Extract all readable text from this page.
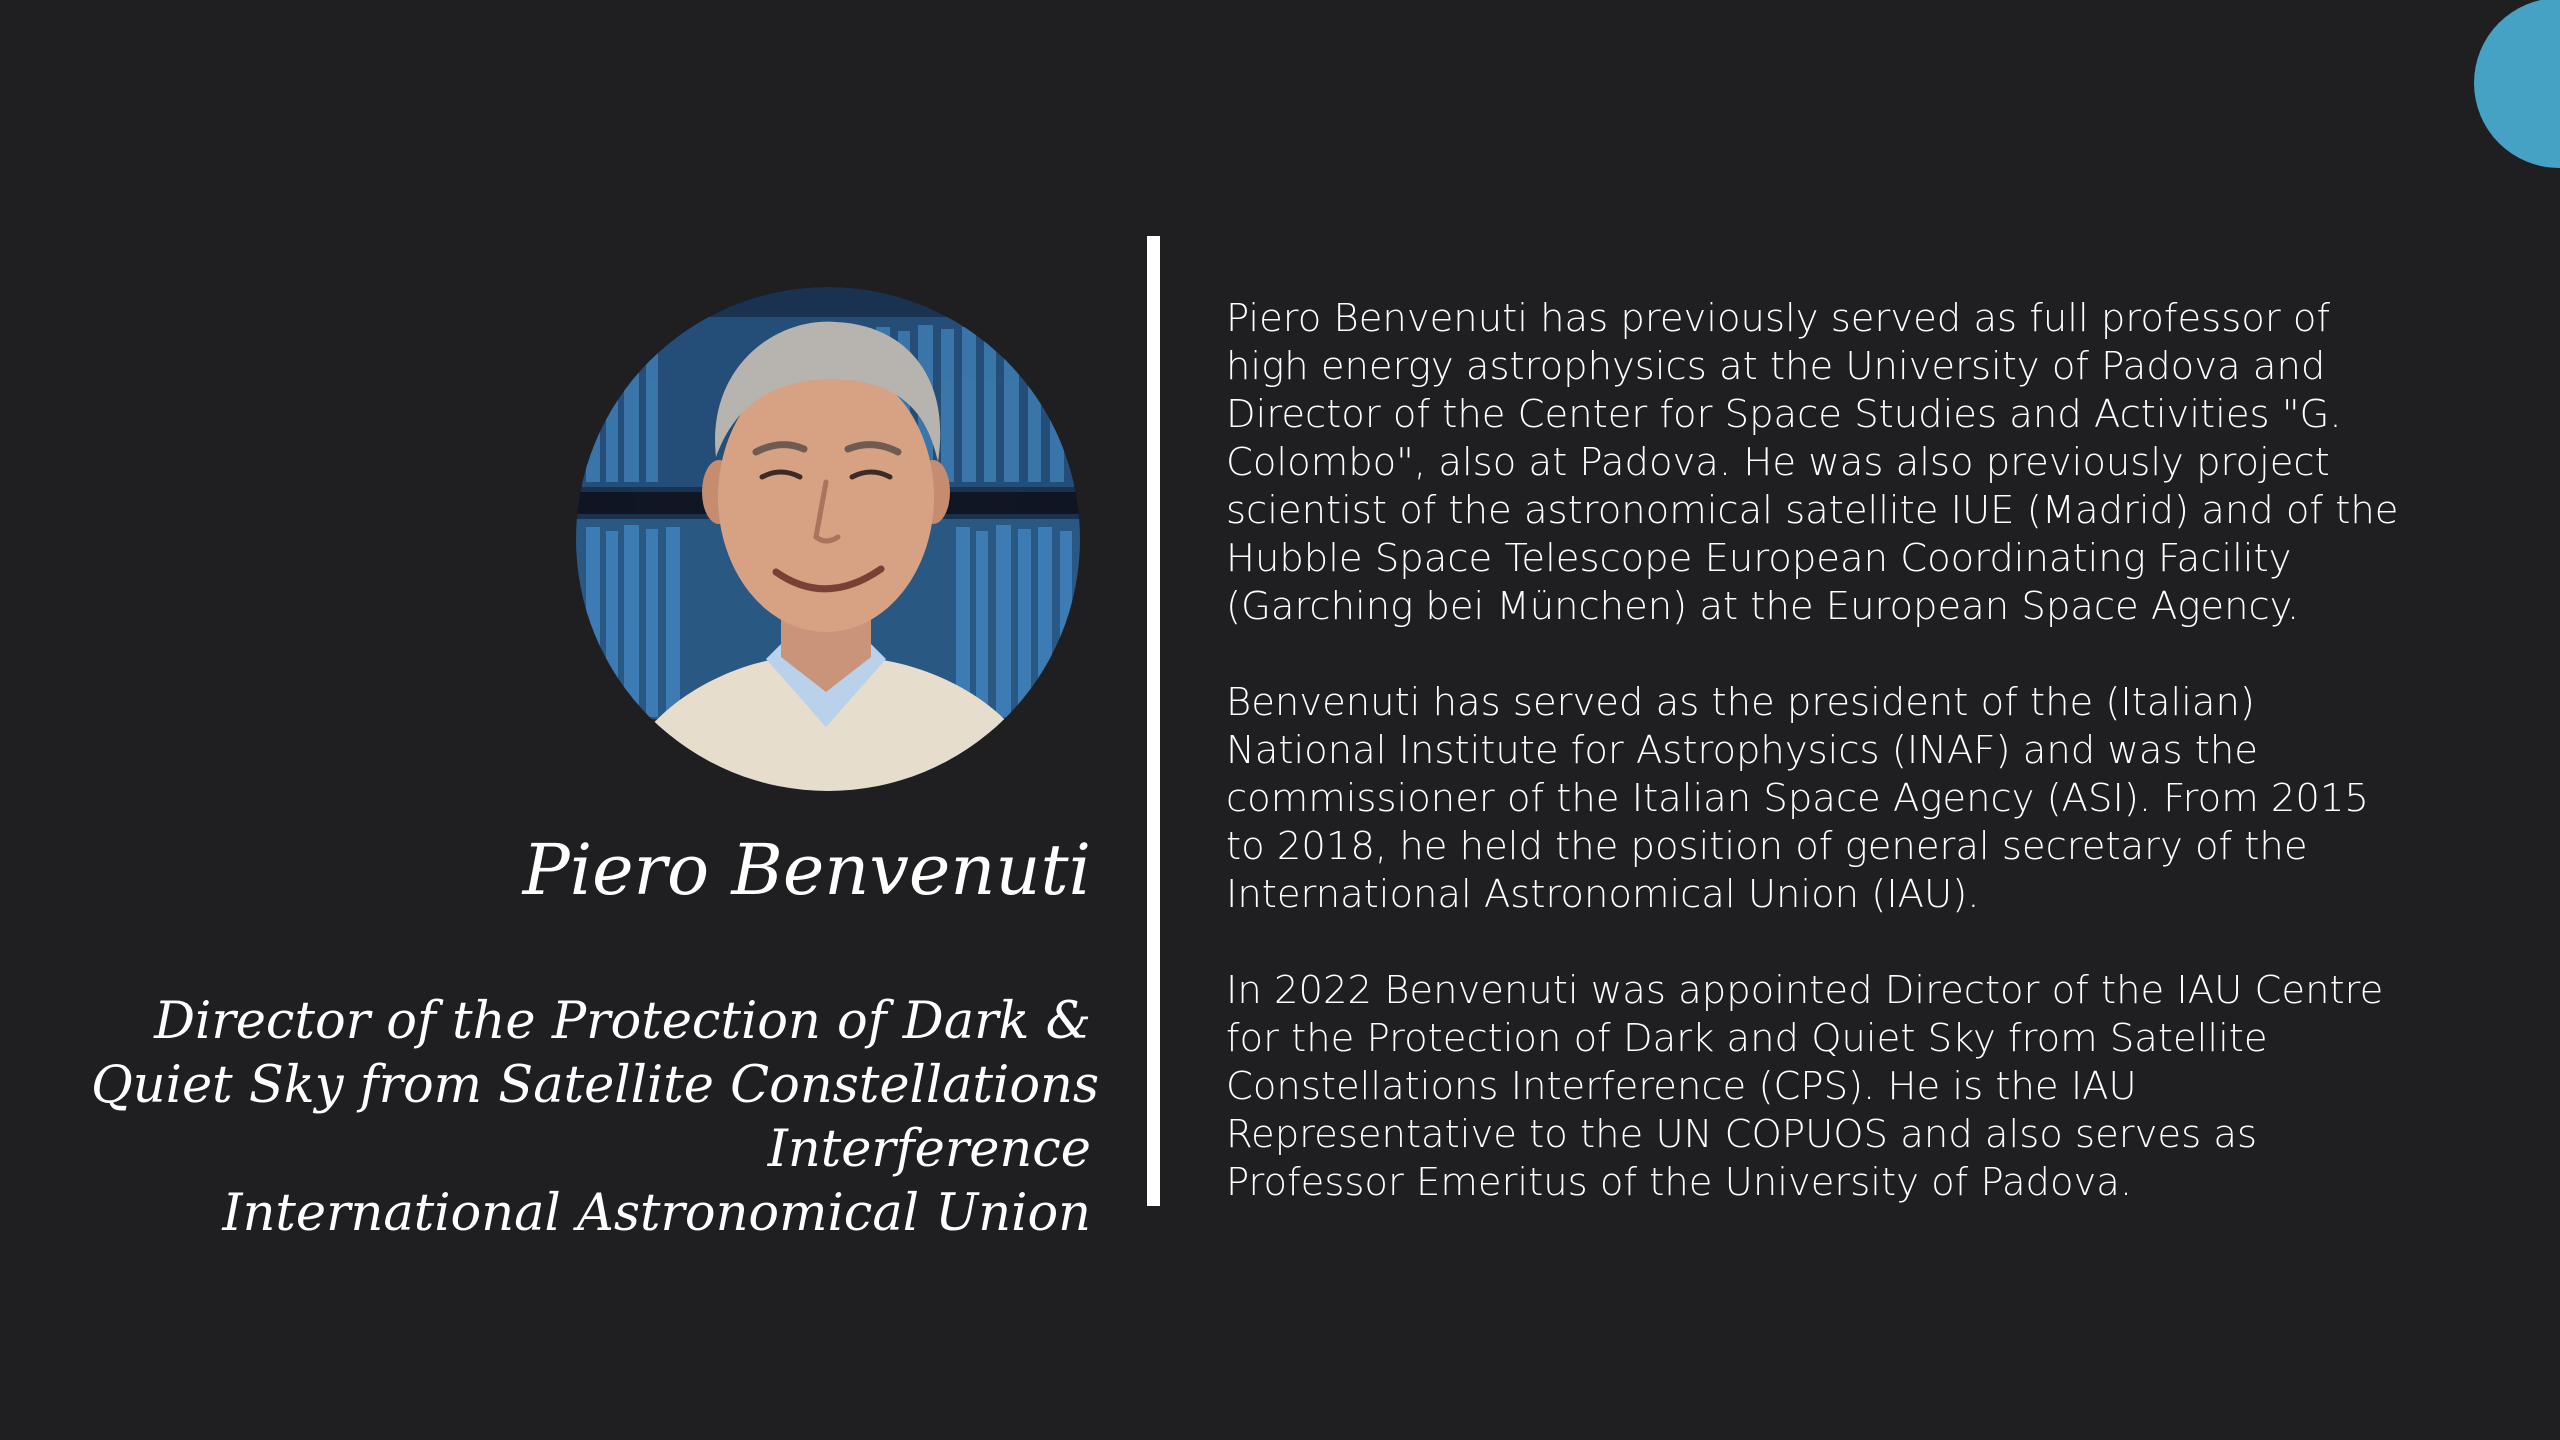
Piero Benvenuti
Director of the Protection of Dark &
Quiet Sky from Satellite Constellations
Interference
International Astronomical Union

Piero Benvenuti has previously served as full professor of high energy astrophysics at the University of Padova and Director of the Center for Space Studies and Activities "G. Colombo", also at Padova. He was also previously project scientist of the astronomical satellite IUE (Madrid) and of the Hubble Space Telescope European Coordinating Facility (Garching bei München) at the European Space Agency.

Benvenuti has served as the president of the (Italian) National Institute for Astrophysics (INAF) and was the commissioner of the Italian Space Agency (ASI). From 2015 to 2018, he held the position of general secretary of the International Astronomical Union (IAU).

In 2022 Benvenuti was appointed Director of the IAU Centre for the Protection of Dark and Quiet Sky from Satellite Constellations Interference (CPS). He is the IAU Representative to the UN COPUOS and also serves as Professor Emeritus of the University of Padova.
